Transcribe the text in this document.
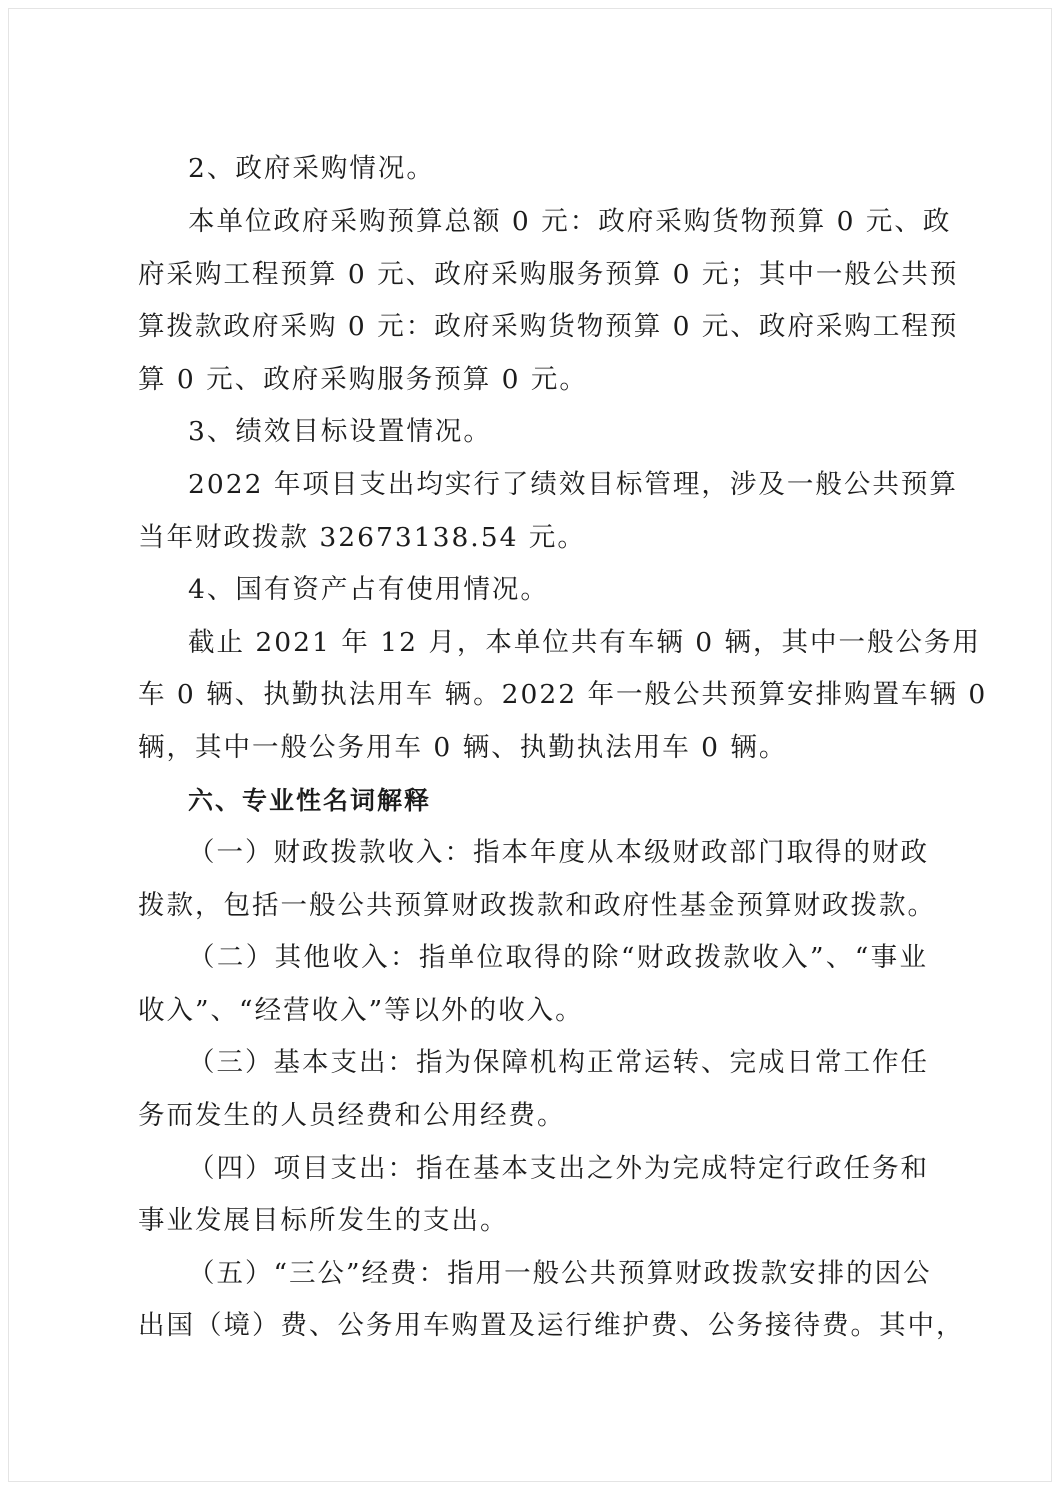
2、政府采购情况。

本单位政府采购预算总额 0 元：政府采购货物预算 0 元、政

府采购工程预算 0 元、政府采购服务预算 0 元；其中一般公共预

算拨款政府采购 0 元：政府采购货物预算 0 元、政府采购工程预

算 0 元、政府采购服务预算 0 元。

3、绩效目标设置情况。

2022 年项目支出均实行了绩效目标管理，涉及一般公共预算

当年财政拨款 32673138.54 元。

4、国有资产占有使用情况。

截止 2021 年 12 月，本单位共有车辆 0 辆，其中一般公务用

车 0 辆、执勤执法用车 辆。2022 年一般公共预算安排购置车辆 0

辆，其中一般公务用车 0 辆、执勤执法用车 0 辆。

六、专业性名词解释

（一）财政拨款收入：指本年度从本级财政部门取得的财政

拨款，包括一般公共预算财政拨款和政府性基金预算财政拨款。

（二）其他收入：指单位取得的除“财政拨款收入”、“事业

收入”、“经营收入”等以外的收入。

（三）基本支出：指为保障机构正常运转、完成日常工作任

务而发生的人员经费和公用经费。

（四）项目支出：指在基本支出之外为完成特定行政任务和

事业发展目标所发生的支出。

（五）“三公”经费：指用一般公共预算财政拨款安排的因公

出国（境）费、公务用车购置及运行维护费、公务接待费。其中，
